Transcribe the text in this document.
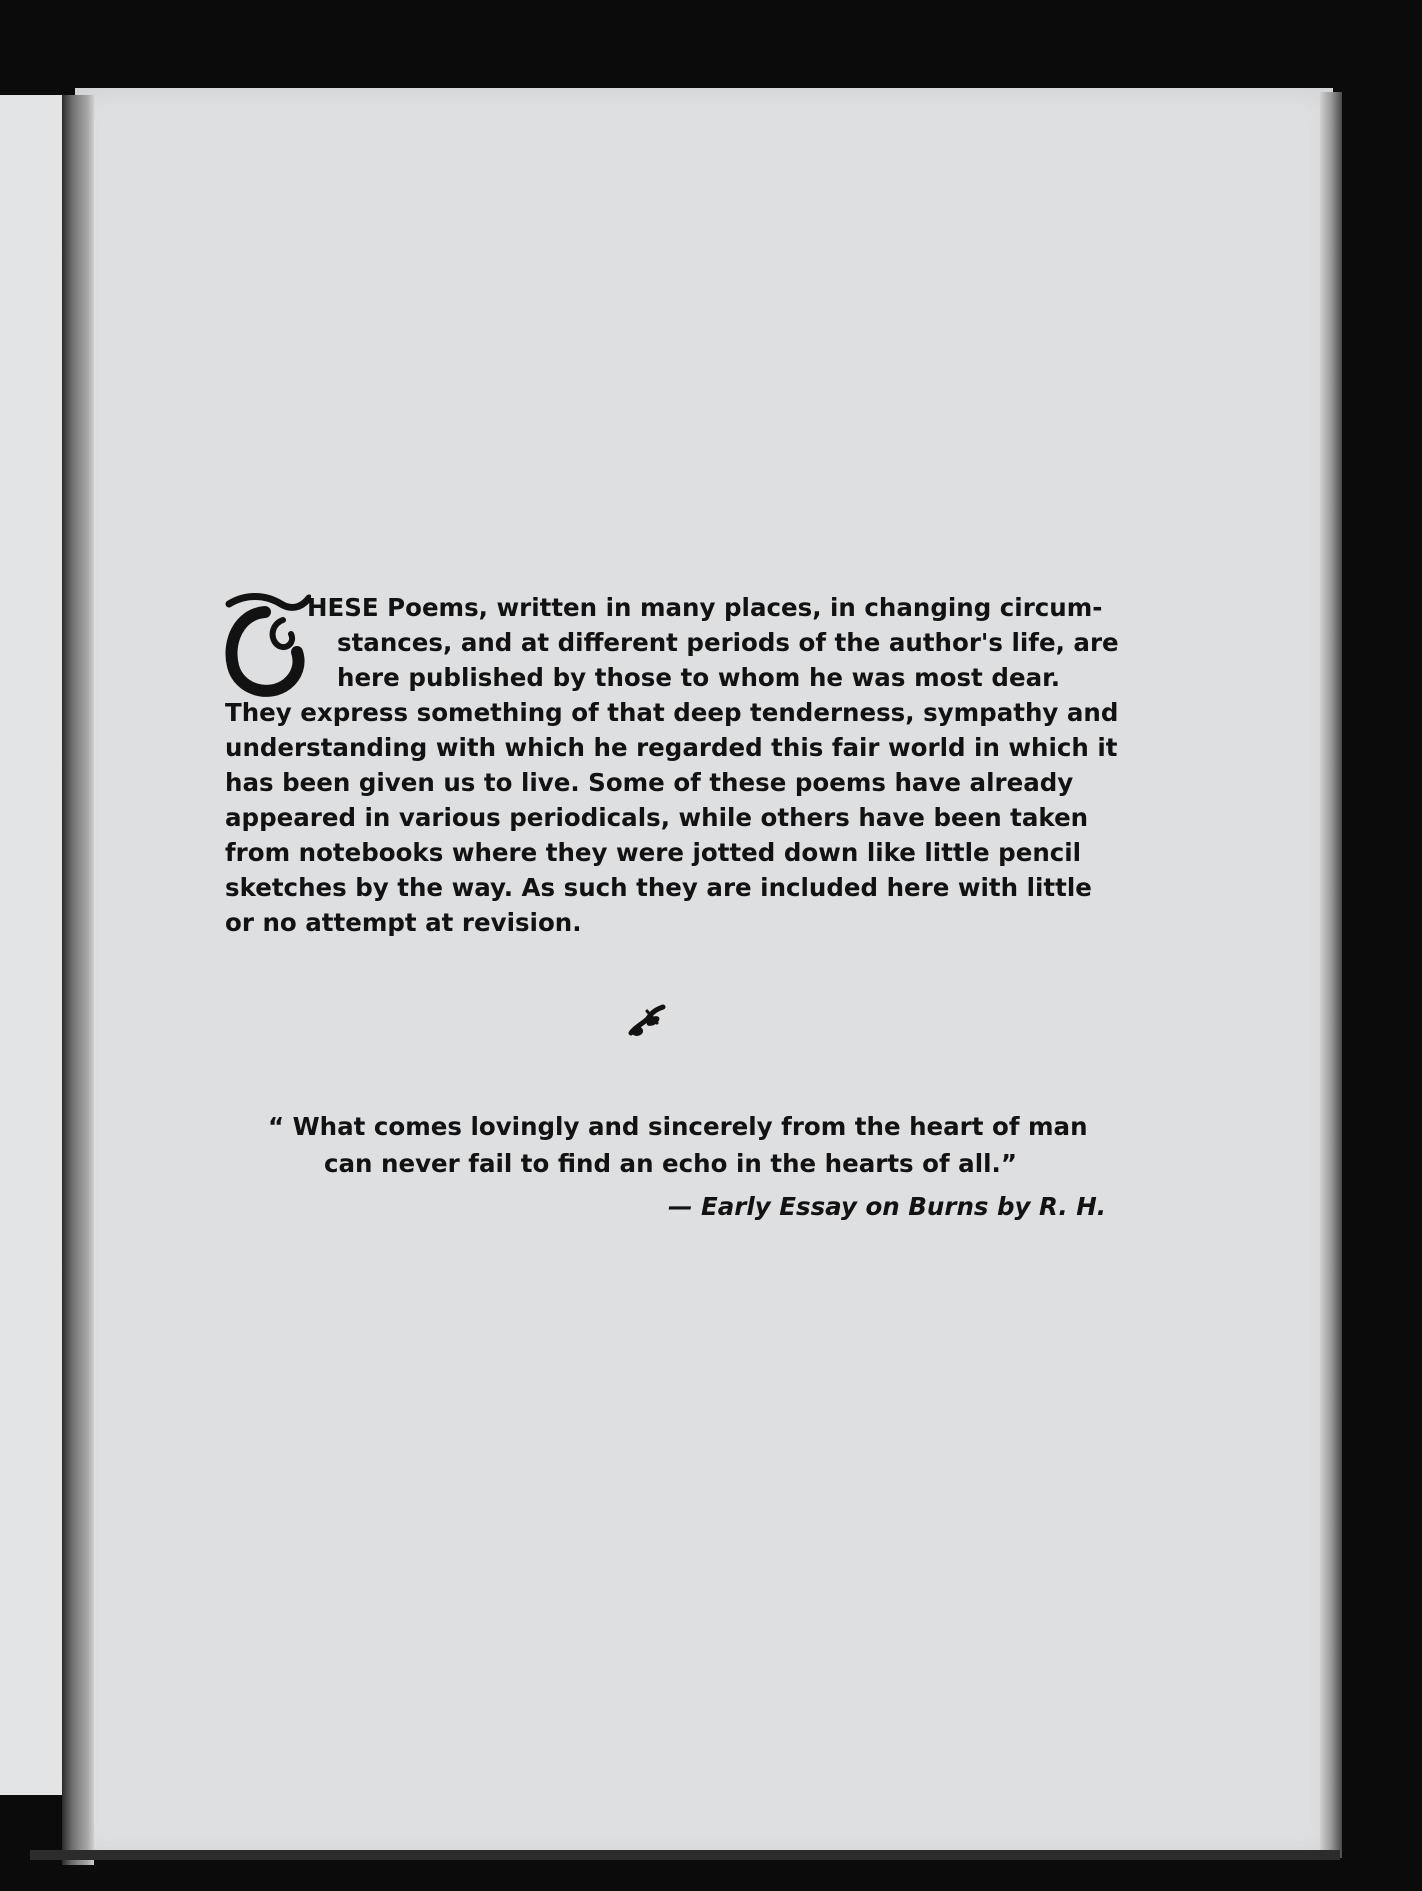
HESE Poems, written in many places, in changing circum-
stances, and at different periods of the author's life, are
here published by those to whom he was most dear.
They express something of that deep tenderness, sympathy and
understanding with which he regarded this fair world in which it
has been given us to live. Some of these poems have already
appeared in various periodicals, while others have been taken
from notebooks where they were jotted down like little pencil
sketches by the way. As such they are included here with little
or no attempt at revision.
“ What comes lovingly and sincerely from the heart of man
can never fail to find an echo in the hearts of all.”
— Early Essay on Burns by R. H.
